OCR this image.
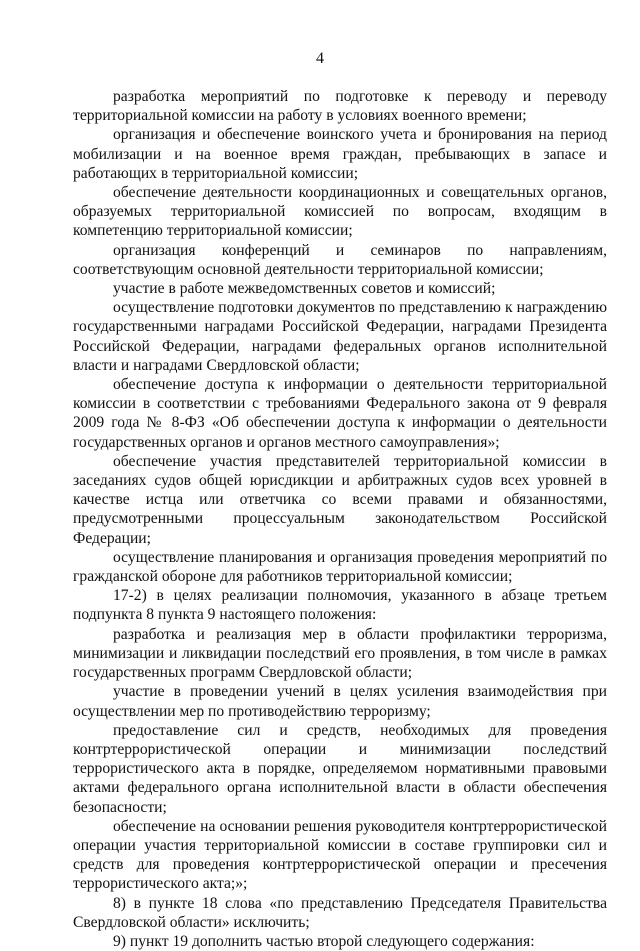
4

разработка мероприятий по подготовке к переводу и переводу территориальной комиссии на работу в условиях военного времени;

организация и обеспечение воинского учета и бронирования на период мобилизации и на военное время граждан, пребывающих в запасе и работающих в территориальной комиссии;

обеспечение деятельности координационных и совещательных органов, образуемых территориальной комиссией по вопросам, входящим в компетенцию территориальной комиссии;

организация конференций и семинаров по направлениям, соответствующим основной деятельности территориальной комиссии;

участие в работе межведомственных советов и комиссий;

осуществление подготовки документов по представлению к награждению государственными наградами Российской Федерации, наградами Президента Российской Федерации, наградами федеральных органов исполнительной власти и наградами Свердловской области;

обеспечение доступа к информации о деятельности территориальной комиссии в соответствии с требованиями Федерального закона от 9 февраля 2009 года № 8-ФЗ «Об обеспечении доступа к информации о деятельности государственных органов и органов местного самоуправления»;

обеспечение участия представителей территориальной комиссии в заседаниях судов общей юрисдикции и арбитражных судов всех уровней в качестве истца или ответчика со всеми правами и обязанностями, предусмотренными процессуальным законодательством Российской Федерации;

осуществление планирования и организация проведения мероприятий по гражданской обороне для работников территориальной комиссии;

17-2) в целях реализации полномочия, указанного в абзаце третьем подпункта 8 пункта 9 настоящего положения:

разработка и реализация мер в области профилактики терроризма, минимизации и ликвидации последствий его проявления, в том числе в рамках государственных программ Свердловской области;

участие в проведении учений в целях усиления взаимодействия при осуществлении мер по противодействию терроризму;

предоставление сил и средств, необходимых для проведения контртеррористической операции и минимизации последствий террористического акта в порядке, определяемом нормативными правовыми актами федерального органа исполнительной власти в области обеспечения безопасности;

обеспечение на основании решения руководителя контртеррористической операции участия территориальной комиссии в составе группировки сил и средств для проведения контртеррористической операции и пресечения террористического акта;»;

8) в пункте 18 слова «по представлению Председателя Правительства Свердловской области» исключить;

9) пункт 19 дополнить частью второй следующего содержания:
